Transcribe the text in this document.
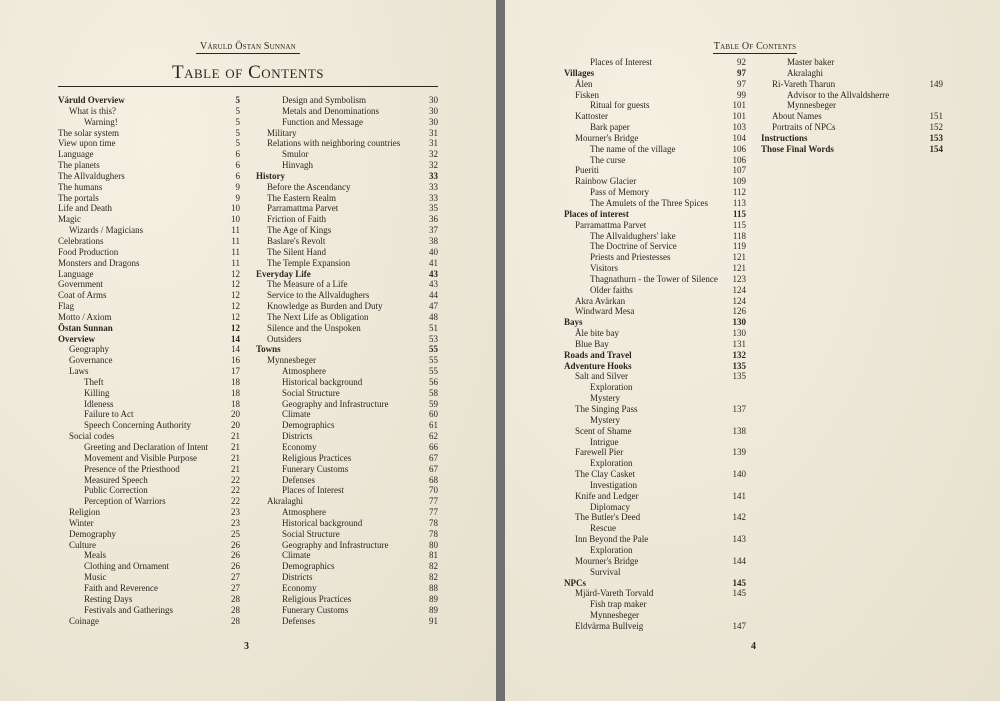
Váruld Östan Sunnan
Table of Contents
Váruld Overview	5
What is this?	5
Warning!	5
The solar system	5
View upon time	5
Language	6
The planets	6
The Allvaldughers	6
The humans	9
The portals	9
Life and Death	10
Magic	10
Wizards / Magicians	11
Celebrations	11
Food Production	11
Monsters and Dragons	11
Language	12
Government	12
Coat of Arms	12
Flag	12
Motto / Axiom	12
Östan Sunnan	12
Overview	14
Geography	14
Governance	16
Laws	17
Theft	18
Killing	18
Idleness	18
Failure to Act	20
Speech Concerning Authority	20
Social codes	21
Greeting and Declaration of Intent	21
Movement and Visible Purpose	21
Presence of the Priesthood	21
Measured Speech	22
Public Correction	22
Perception of Warriors	22
Religion	23
Winter	23
Demography	25
Culture	26
Meals	26
Clothing and Ornament	26
Music	27
Faith and Reverence	27
Resting Days	28
Festivals and Gatherings	28
Coinage	28
Design and Symbolism	30
Metals and Denominations	30
Function and Message	30
Military	31
Relations with neighboring countries	31
Smulor	32
Hinvagh	32
History	33
Before the Ascendancy	33
The Eastern Realm	33
Parramattma Parvet	35
Friction of Faith	36
The Age of Kings	37
Baslare's Revolt	38
The Silent Hand	40
The Temple Expansion	41
Everyday Life	43
The Measure of a Life	43
Service to the Allvaldughers	44
Knowledge as Burden and Duty	47
The Next Life as Obligation	48
Silence and the Unspoken	51
Outsiders	53
Towns	55
Mynnesbeger	55
Atmosphere	55
Historical background	56
Social Structure	58
Geography and Infrastructure	59
Climate	60
Demographics	61
Districts	62
Economy	66
Religious Practices	67
Funerary Customs	67
Defenses	68
Places of Interest	70
Akralaghi	77
Atmosphere	77
Historical background	78
Social Structure	78
Geography and Infrastructure	80
Climate	81
Demographics	82
Districts	82
Economy	88
Religious Practices	89
Funerary Customs	89
Defenses	91
3
Table Of Contents
Places of Interest	92
Villages	97
Ålen	97
Fisken	99
Ritual for guests	101
Kattoster	101
Bark paper	103
Mourner's Bridge	104
The name of the village	106
The curse	106
Pueriti	107
Rainbow Glacier	109
Pass of Memory	112
The Amulets of the Three Spices	113
Places of interest	115
Parramattma Parvet	115
The Allvaldughers' lake	118
The Doctrine of Service	119
Priests and Priestesses	121
Visitors	121
Thagnathurn - the Tower of Silence 123
Older faiths	124
Akra Avärkan	124
Windward Mesa	126
Bays	130
Åle bite bay	130
Blue Bay	131
Roads and Travel	132
Adventure Hooks	135
Salt and Silver	135
Exploration
Mystery
The Singing Pass	137
Mystery
Scent of Shame	138
Intrigue
Farewell Pier	139
Exploration
The Clay Casket	140
Investigation
Knife and Ledger	141
Diplomacy
The Butler's Deed	142
Rescue
Inn Beyond the Pale	143
Exploration
Mourner's Bridge	144
Survival
NPCs	145
Mjärd-Vareth Torvald	145
Fish trap maker
Mynnesbeger
Eldvärma Bullveig	147
Master baker
Akralaghi
Ri-Vareth Tharun	149
Advisor to the Allvaldsherre
Mynnesbeger
About Names	151
Portraits of NPCs	152
Instructions	153
Those Final Words	154
4
